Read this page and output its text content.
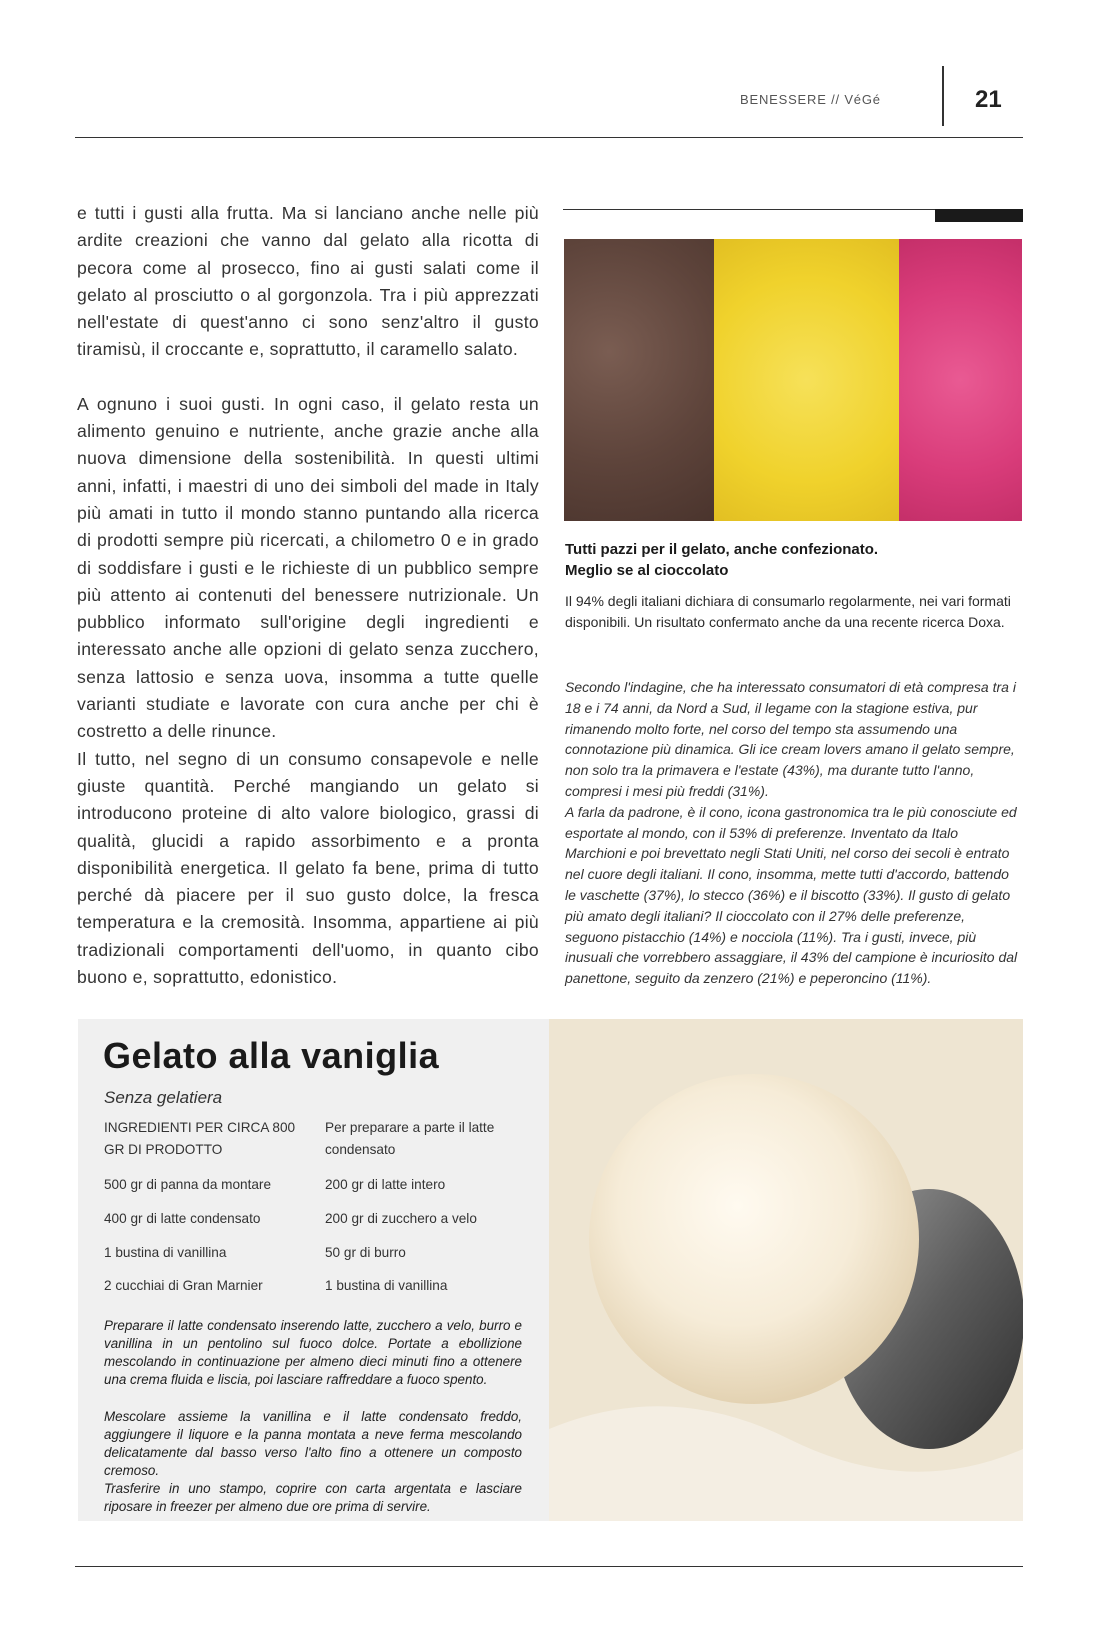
BENESSERE // VéGé	21

e tutti i gusti alla frutta. Ma si lanciano anche nelle più ardite creazioni che vanno dal gelato alla ricotta di pecora come al prosecco, fino ai gusti salati come il gelato al prosciutto o al gorgonzola. Tra i più apprezzati nell'estate di quest'anno ci sono senz'altro il gusto tiramisù, il croccante e, soprattutto, il caramello salato.

A ognuno i suoi gusti. In ogni caso, il gelato resta un alimento genuino e nutriente, anche grazie anche alla nuova dimensione della sostenibilità. In questi ultimi anni, infatti, i maestri di uno dei simboli del made in Italy più amati in tutto il mondo stanno puntando alla ricerca di prodotti sempre più ricercati, a chilometro 0 e in grado di soddisfare i gusti e le richieste di un pubblico sempre più attento ai contenuti del benessere nutrizionale. Un pubblico informato sull'origine degli ingredienti e interessato anche alle opzioni di gelato senza zucchero, senza lattosio e senza uova, insomma a tutte quelle varianti studiate e lavorate con cura anche per chi è costretto a delle rinunce.

Il tutto, nel segno di un consumo consapevole e nelle giuste quantità. Perché mangiando un gelato si introducono proteine di alto valore biologico, grassi di qualità, glucidi a rapido assorbimento e a pronta disponibilità energetica. Il gelato fa bene, prima di tutto perché dà piacere per il suo gusto dolce, la fresca temperatura e la cremosità. Insomma, appartiene ai più tradizionali comportamenti dell'uomo, in quanto cibo buono e, soprattutto, edonistico.

Tutti pazzi per il gelato, anche confezionato.
Meglio se al cioccolato
Il 94% degli italiani dichiara di consumarlo regolarmente, nei vari formati disponibili. Un risultato confermato anche da una recente ricerca Doxa.

Secondo l'indagine, che ha interessato consumatori di età compresa tra i 18 e i 74 anni, da Nord a Sud, il legame con la stagione estiva, pur rimanendo molto forte, nel corso del tempo sta assumendo una connotazione più dinamica. Gli ice cream lovers amano il gelato sempre, non solo tra la primavera e l'estate (43%), ma durante tutto l'anno, compresi i mesi più freddi (31%).

A farla da padrone, è il cono, icona gastronomica tra le più conosciute ed esportate al mondo, con il 53% di preferenze. Inventato da Italo Marchioni e poi brevettato negli Stati Uniti, nel corso dei secoli è entrato nel cuore degli italiani. Il cono, insomma, mette tutti d'accordo, battendo le vaschette (37%), lo stecco (36%) e il biscotto (33%). Il gusto di gelato più amato degli italiani? Il cioccolato con il 27% delle preferenze, seguono pistacchio (14%) e nocciola (11%). Tra i gusti, invece, più inusuali che vorrebbero assaggiare, il 43% del campione è incuriosito dal panettone, seguito da zenzero (21%) e peperoncino (11%).

Gelato alla vaniglia
Senza gelatiera
INGREDIENTI PER CIRCA 800 GR DI PRODOTTO
500 gr di panna da montare
400 gr di latte condensato
1 bustina di vanillina
2 cucchiai di Gran Marnier
Per preparare a parte il latte condensato
200 gr di latte intero
200 gr di zucchero a velo
50 gr di burro
1 bustina di vanillina

Preparare il latte condensato inserendo latte, zucchero a velo, burro e vanillina in un pentolino sul fuoco dolce. Portate a ebollizione mescolando in continuazione per almeno dieci minuti fino a ottenere una crema fluida e liscia, poi lasciare raffreddare a fuoco spento.

Mescolare assieme la vanillina e il latte condensato freddo, aggiungere il liquore e la panna montata a neve ferma mescolando delicatamente dal basso verso l'alto fino a ottenere un composto cremoso.

Trasferire in uno stampo, coprire con carta argentata e lasciare riposare in freezer per almeno due ore prima di servire.
